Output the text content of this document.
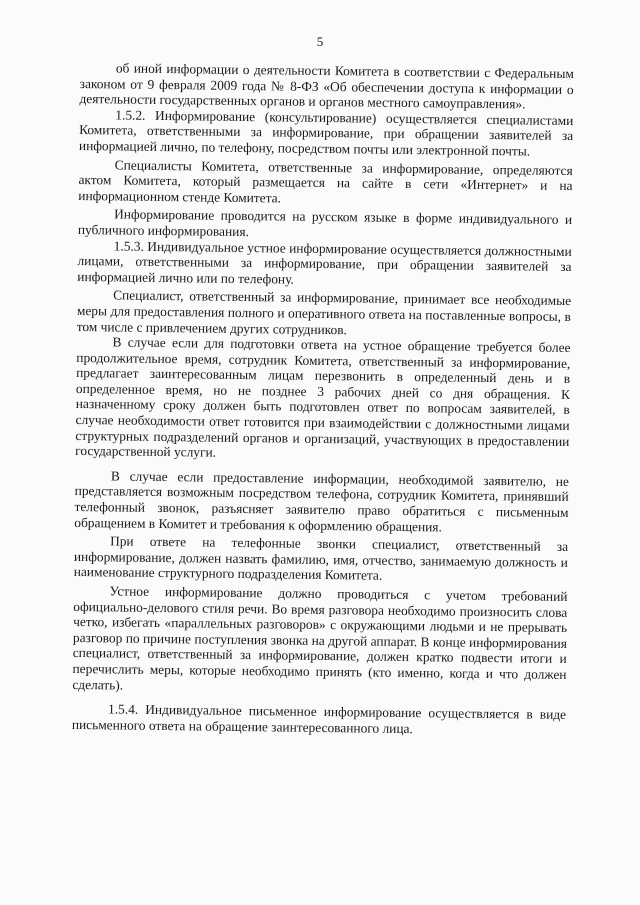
5

об иной информации о деятельности Комитета в соответствии с Федеральным законом от 9 февраля 2009 года № 8-ФЗ «Об обеспечении доступа к информации о деятельности государственных органов и органов местного самоуправления».

1.5.2. Информирование (консультирование) осуществляется специалистами Комитета, ответственными за информирование, при обращении заявителей за информацией лично, по телефону, посредством почты или электронной почты.

Специалисты Комитета, ответственные за информирование, определяются актом Комитета, который размещается на сайте в сети «Интернет» и на информационном стенде Комитета.

Информирование проводится на русском языке в форме индивидуального и публичного информирования.

1.5.3. Индивидуальное устное информирование осуществляется должностными лицами, ответственными за информирование, при обращении заявителей за информацией лично или по телефону.

Специалист, ответственный за информирование, принимает все необходимые меры для предоставления полного и оперативного ответа на поставленные вопросы, в том числе с привлечением других сотрудников.

В случае если для подготовки ответа на устное обращение требуется более продолжительное время, сотрудник Комитета, ответственный за информирование, предлагает заинтересованным лицам перезвонить в определенный день и в определенное время, но не позднее 3 рабочих дней со дня обращения. К назначенному сроку должен быть подготовлен ответ по вопросам заявителей, в случае необходимости ответ готовится при взаимодействии с должностными лицами структурных подразделений органов и организаций, участвующих в предоставлении государственной услуги.

В случае если предоставление информации, необходимой заявителю, не представляется возможным посредством телефона, сотрудник Комитета, принявший телефонный звонок, разъясняет заявителю право обратиться с письменным обращением в Комитет и требования к оформлению обращения.

При ответе на телефонные звонки специалист, ответственный за информирование, должен назвать фамилию, имя, отчество, занимаемую должность и наименование структурного подразделения Комитета.

Устное информирование должно проводиться с учетом требований официально-делового стиля речи. Во время разговора необходимо произносить слова четко, избегать «параллельных разговоров» с окружающими людьми и не прерывать разговор по причине поступления звонка на другой аппарат. В конце информирования специалист, ответственный за информирование, должен кратко подвести итоги и перечислить меры, которые необходимо принять (кто именно, когда и что должен сделать).

1.5.4. Индивидуальное письменное информирование осуществляется в виде письменного ответа на обращение заинтересованного лица.
